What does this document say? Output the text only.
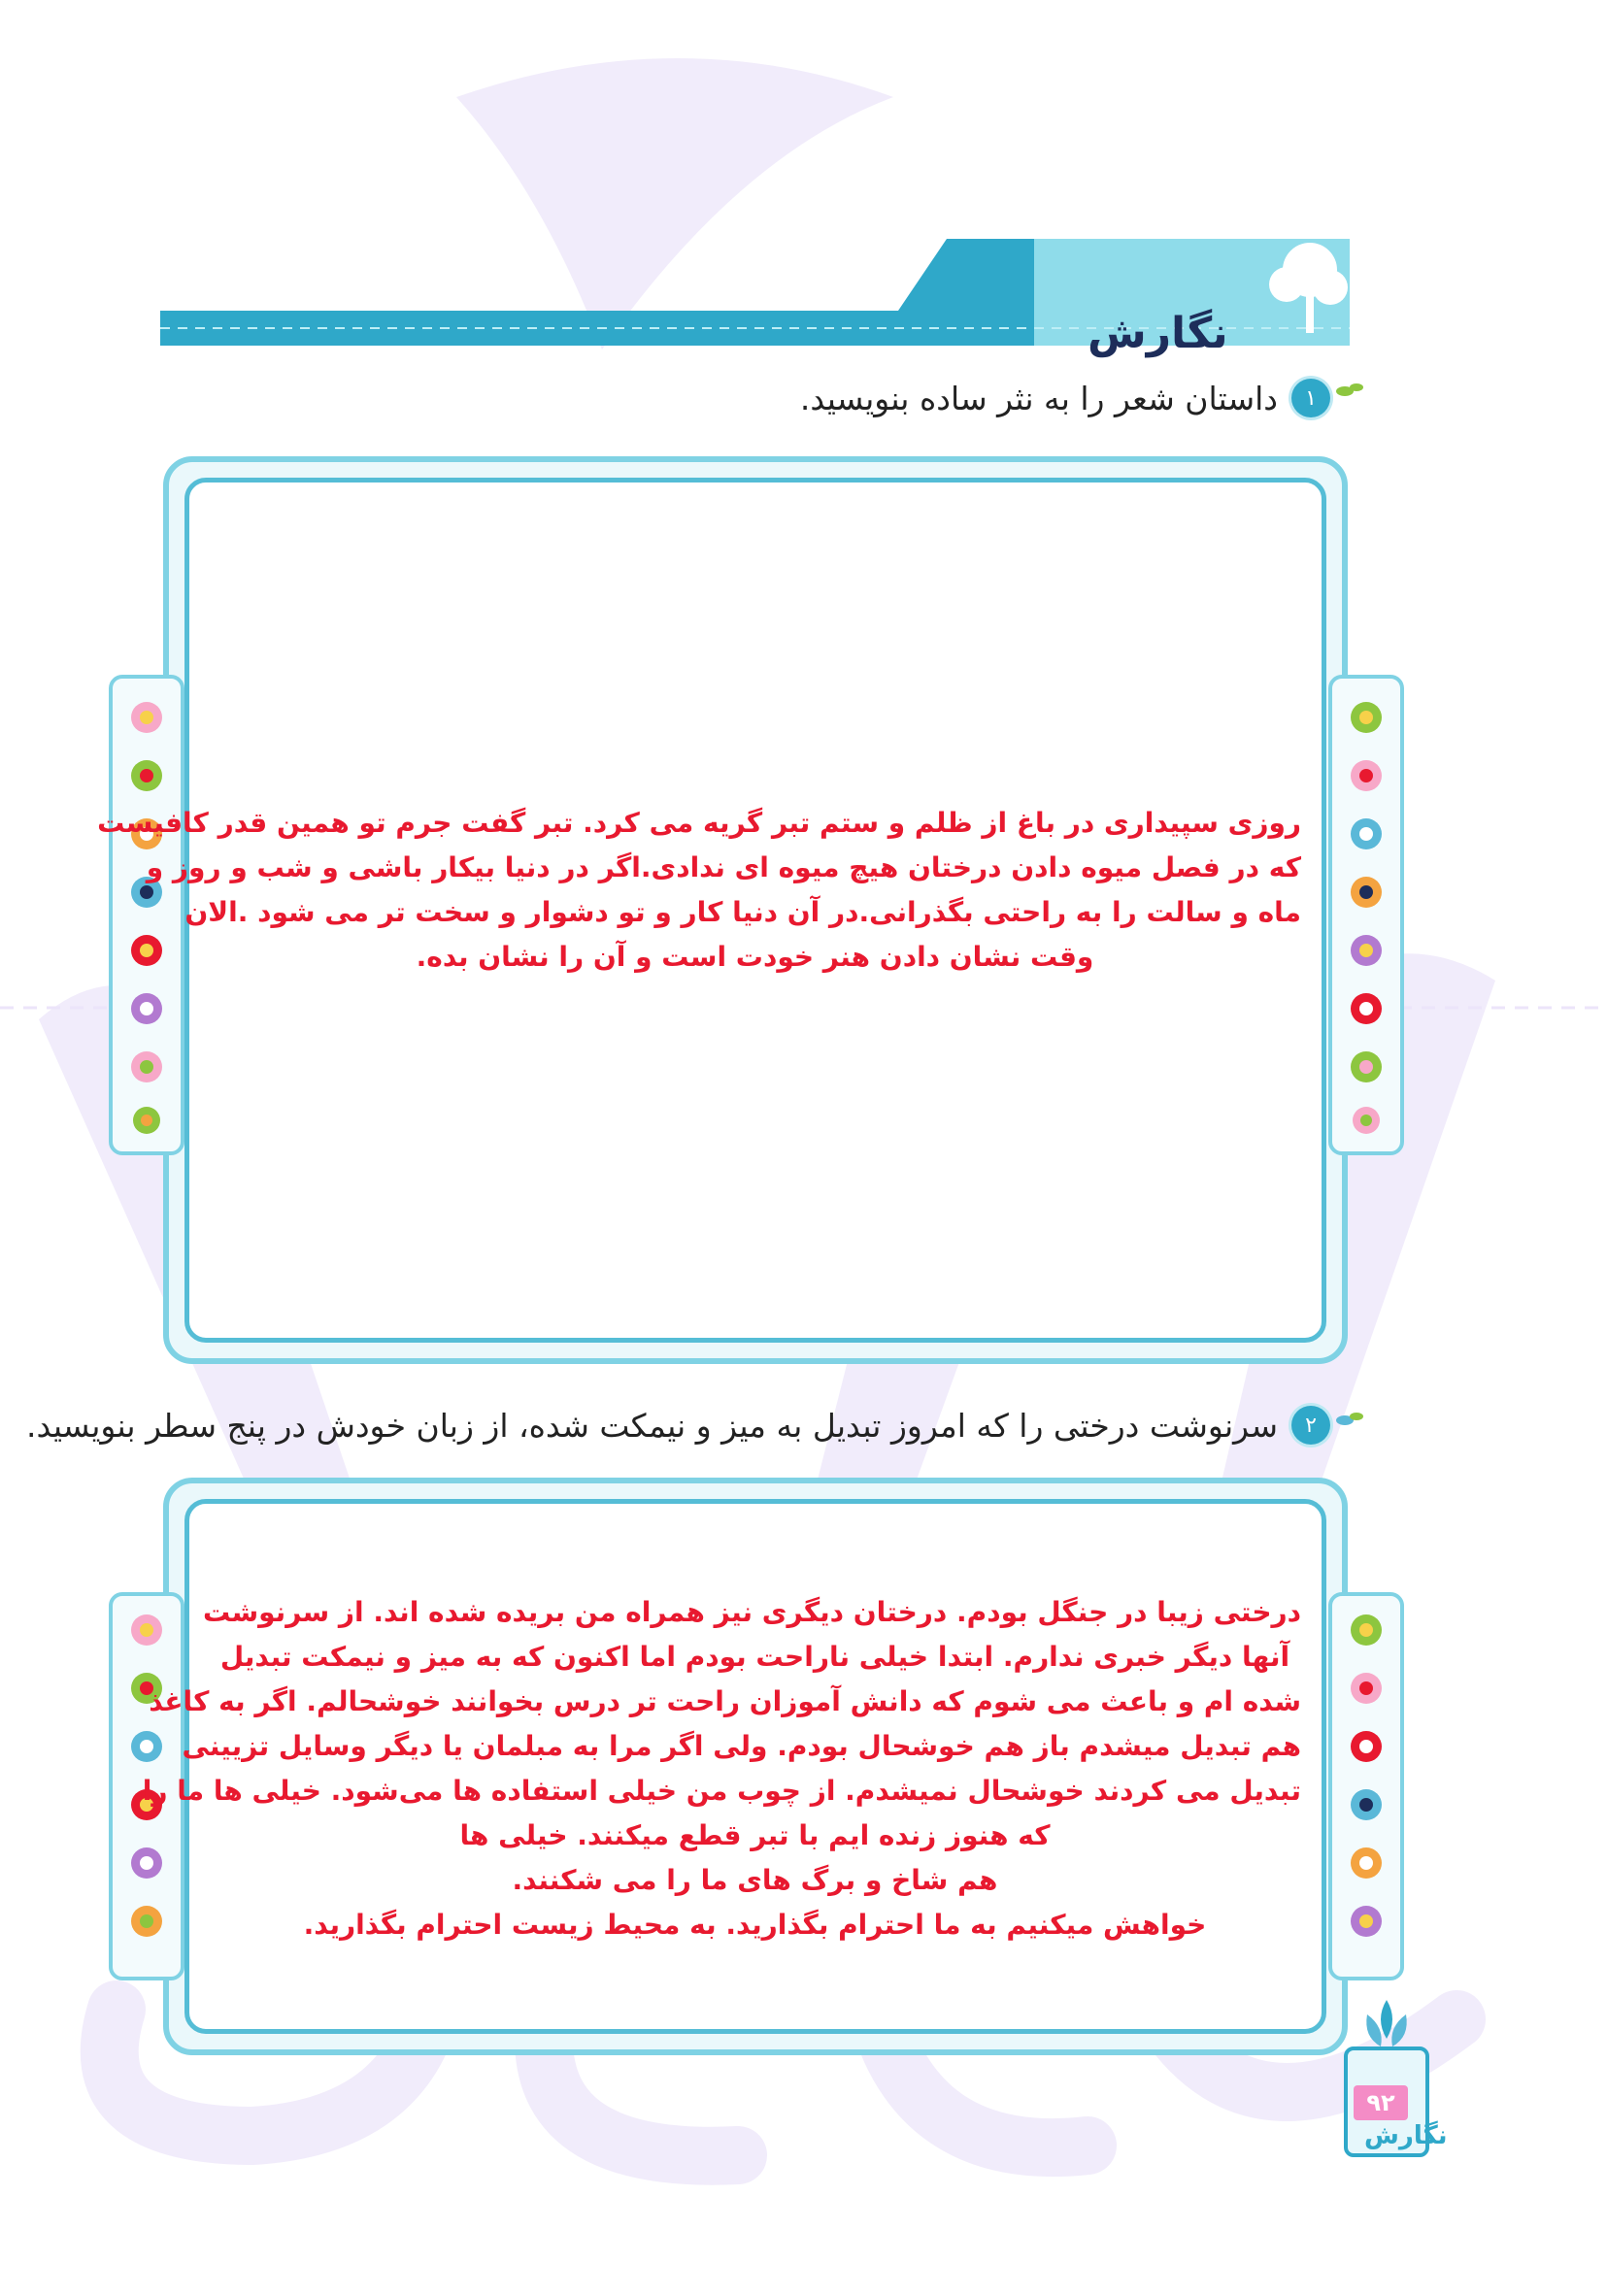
نگارش
۱
داستان شعر را به نثر ساده بنویسید.
روزی سپیداری در باغ از ظلم و ستم تبر گریه می کرد. تبر گفت جرم تو همین قدر کافیست
که در فصل میوه دادن درختان هیچ میوه ای ندادی.اگر در دنیا بیکار باشی و شب و روز و
ماه و سالت را به راحتی بگذرانی.در آن دنیا کار و تو دشوار و سخت تر می شود .الان
وقت نشان دادن هنر خودت است و آن را نشان بده.
۲
سرنوشت درختی را که امروز تبدیل به میز و نیمکت شده، از زبان خودش در پنج سطر بنویسید.
درختی زیبا در جنگل بودم. درختان دیگری نیز همراه من بریده شده اند. از سرنوشت
آنها دیگر خبری ندارم. ابتدا خیلی ناراحت بودم اما اکنون که به میز و نیمکت تبدیل
شده ام و باعث می شوم که دانش آموزان راحت تر درس بخوانند خوشحالم. اگر به کاغذ
هم تبدیل میشدم باز هم خوشحال بودم. ولی اگر مرا به مبلمان یا دیگر وسایل تزیینی
تبدیل می کردند خوشحال نمیشدم. از چوب من خیلی استفاده ها می‌شود. خیلی ها ما را
که هنوز زنده ایم با تبر قطع میکنند. خیلی ها
هم شاخ و برگ های ما را می شکنند.
خواهش میکنیم به ما احترام بگذارید. به محیط زیست احترام بگذارید.
۹۲
نگارش
